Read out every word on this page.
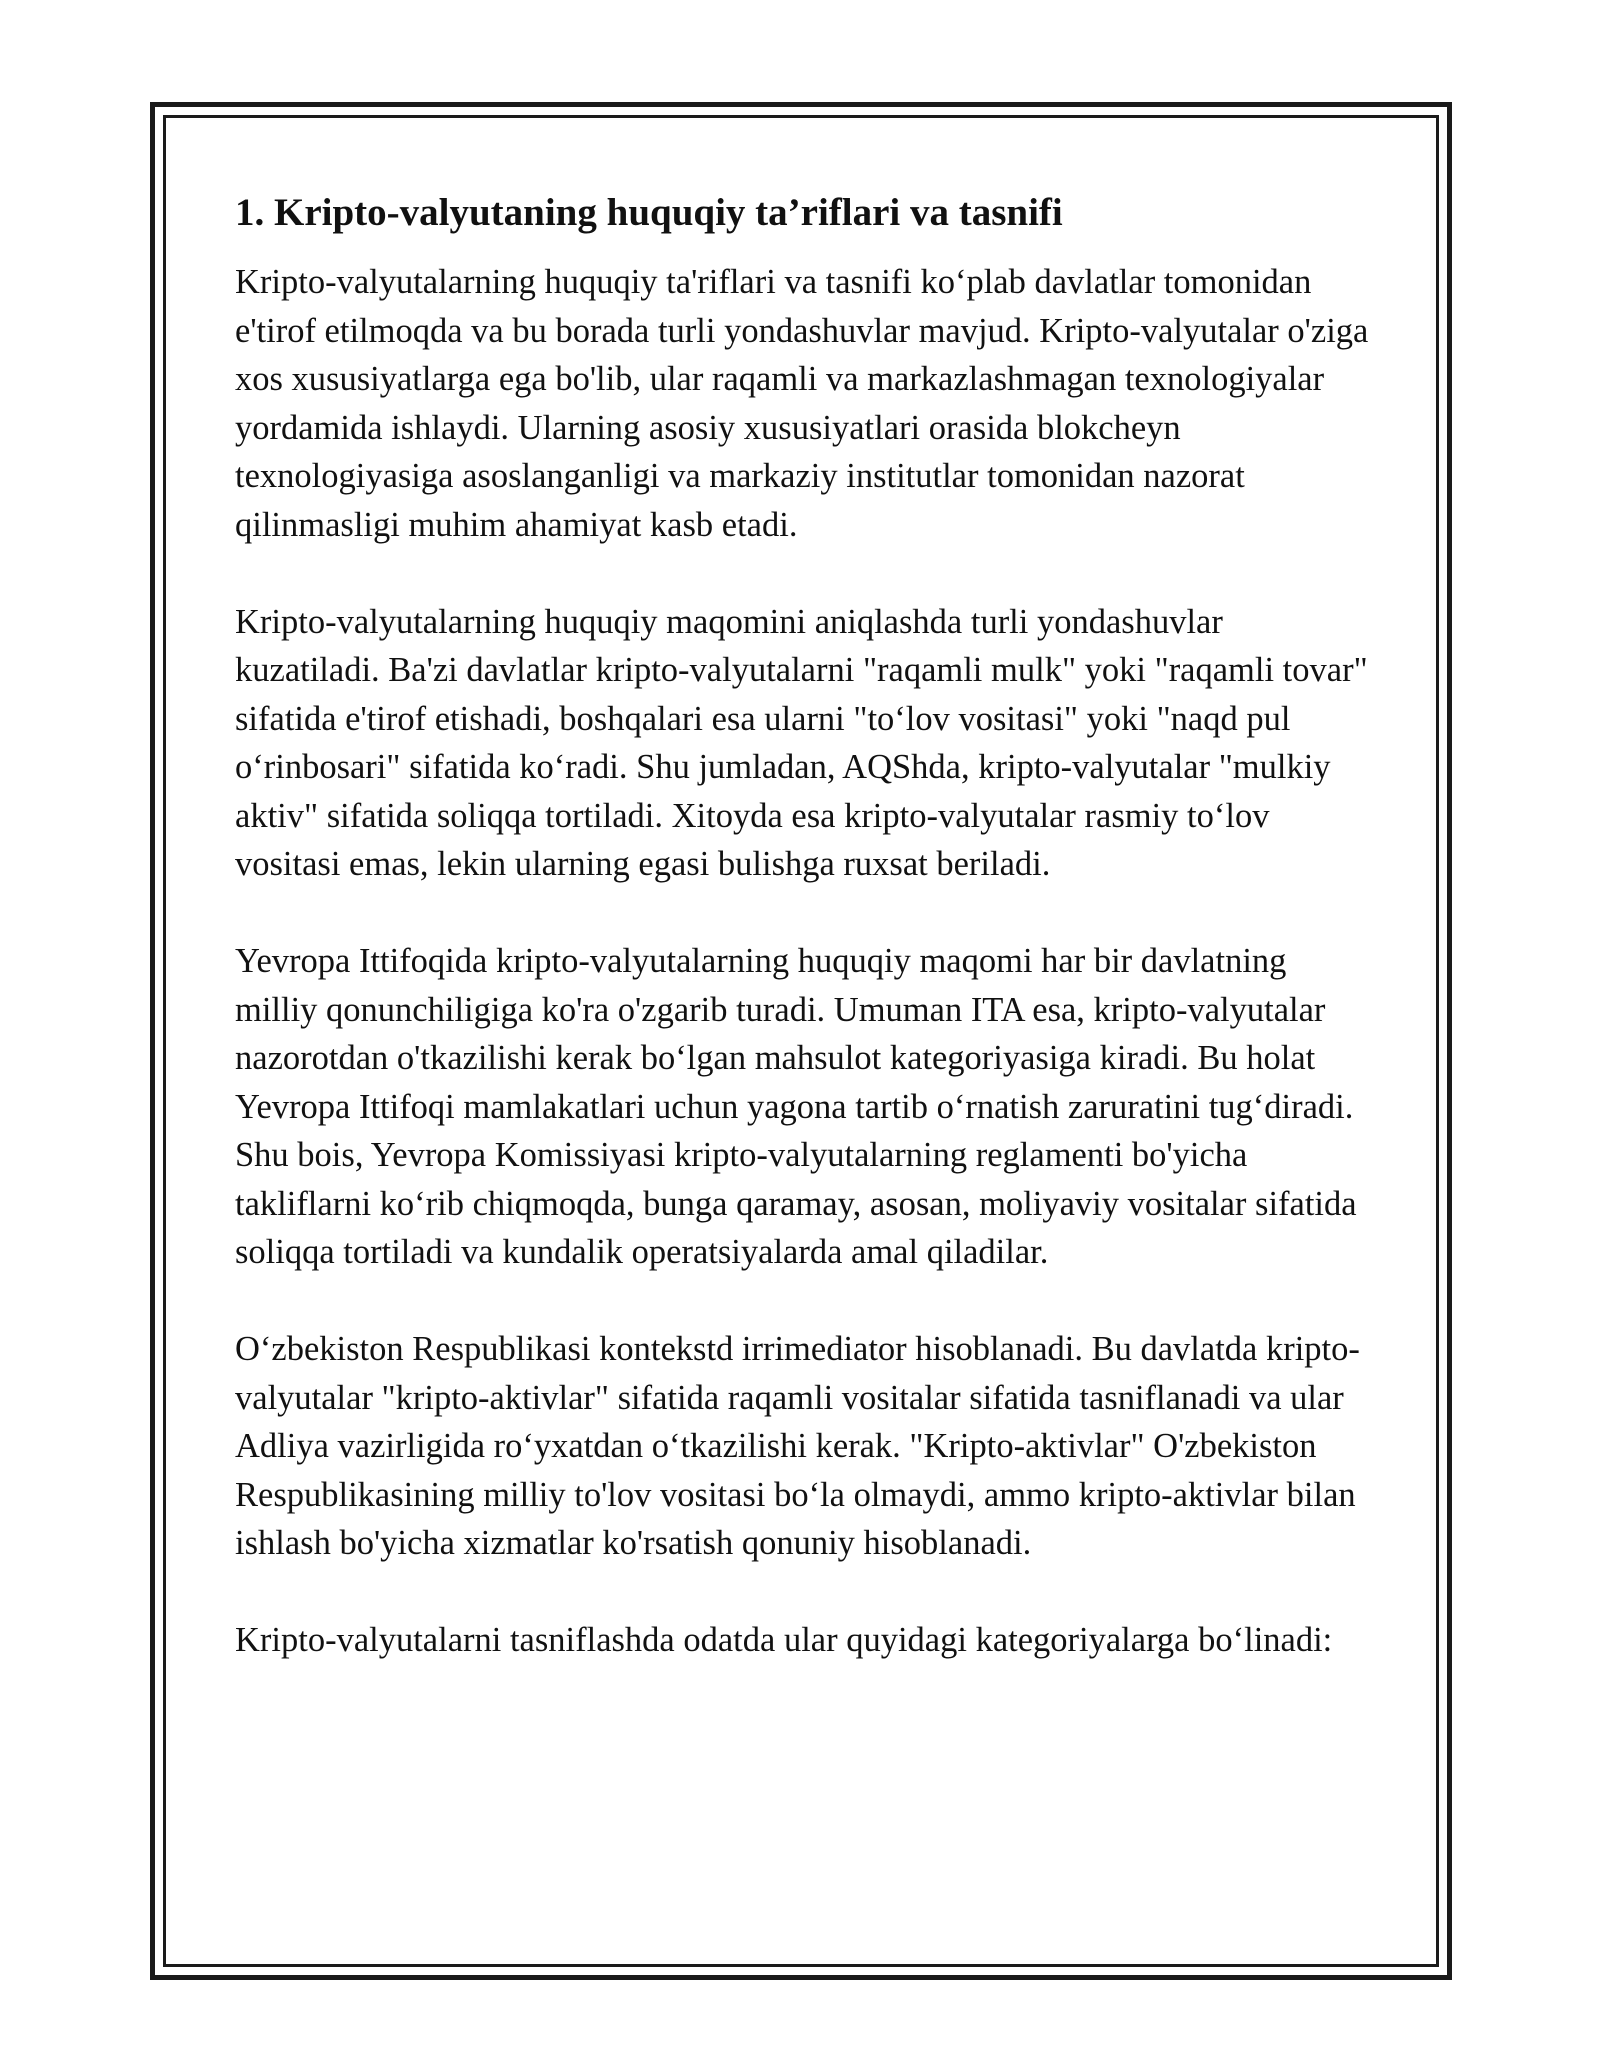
1. Kripto-valyutaning huquqiy ta’riflari va tasnifi

Kripto-valyutalarning huquqiy ta'riflari va tasnifi ko‘plab davlatlar tomonidan e'tirof etilmoqda va bu borada turli yondashuvlar mavjud. Kripto-valyutalar o'ziga xos xususiyatlarga ega bo'lib, ular raqamli va markazlashmagan texnologiyalar yordamida ishlaydi. Ularning asosiy xususiyatlari orasida blokcheyn texnologiyasiga asoslanganligi va markaziy institutlar tomonidan nazorat qilinmasligi muhim ahamiyat kasb etadi.

Kripto-valyutalarning huquqiy maqomini aniqlashda turli yondashuvlar kuzatiladi. Ba'zi davlatlar kripto-valyutalarni "raqamli mulk" yoki "raqamli tovar" sifatida e'tirof etishadi, boshqalari esa ularni "to‘lov vositasi" yoki "naqd pul o‘rinbosari" sifatida ko‘radi. Shu jumladan, AQShda, kripto-valyutalar "mulkiy aktiv" sifatida soliqqa tortiladi. Xitoyda esa kripto-valyutalar rasmiy to‘lov vositasi emas, lekin ularning egasi bulishga ruxsat beriladi.

Yevropa Ittifoqida kripto-valyutalarning huquqiy maqomi har bir davlatning milliy qonunchiligiga ko'ra o'zgarib turadi. Umuman ITA esa, kripto-valyutalar nazorotdan o'tkazilishi kerak bo‘lgan mahsulot kategoriyasiga kiradi. Bu holat Yevropa Ittifoqi mamlakatlari uchun yagona tartib o‘rnatish zaruratini tug‘diradi. Shu bois, Yevropa Komissiyasi kripto-valyutalarning reglamenti bo'yicha takliflarni ko‘rib chiqmoqda, bunga qaramay, asosan, moliyaviy vositalar sifatida soliqqa tortiladi va kundalik operatsiyalarda amal qiladilar.

O‘zbekiston Respublikasi kontekstd irrimediator hisoblanadi. Bu davlatda kripto-valyutalar "kripto-aktivlar" sifatida raqamli vositalar sifatida tasniflanadi va ular Adliya vazirligida ro‘yxatdan o‘tkazilishi kerak. "Kripto-aktivlar" O'zbekiston Respublikasining milliy to'lov vositasi bo‘la olmaydi, ammo kripto-aktivlar bilan ishlash bo'yicha xizmatlar ko'rsatish qonuniy hisoblanadi.

Kripto-valyutalarni tasniflashda odatda ular quyidagi kategoriyalarga bo‘linadi:
